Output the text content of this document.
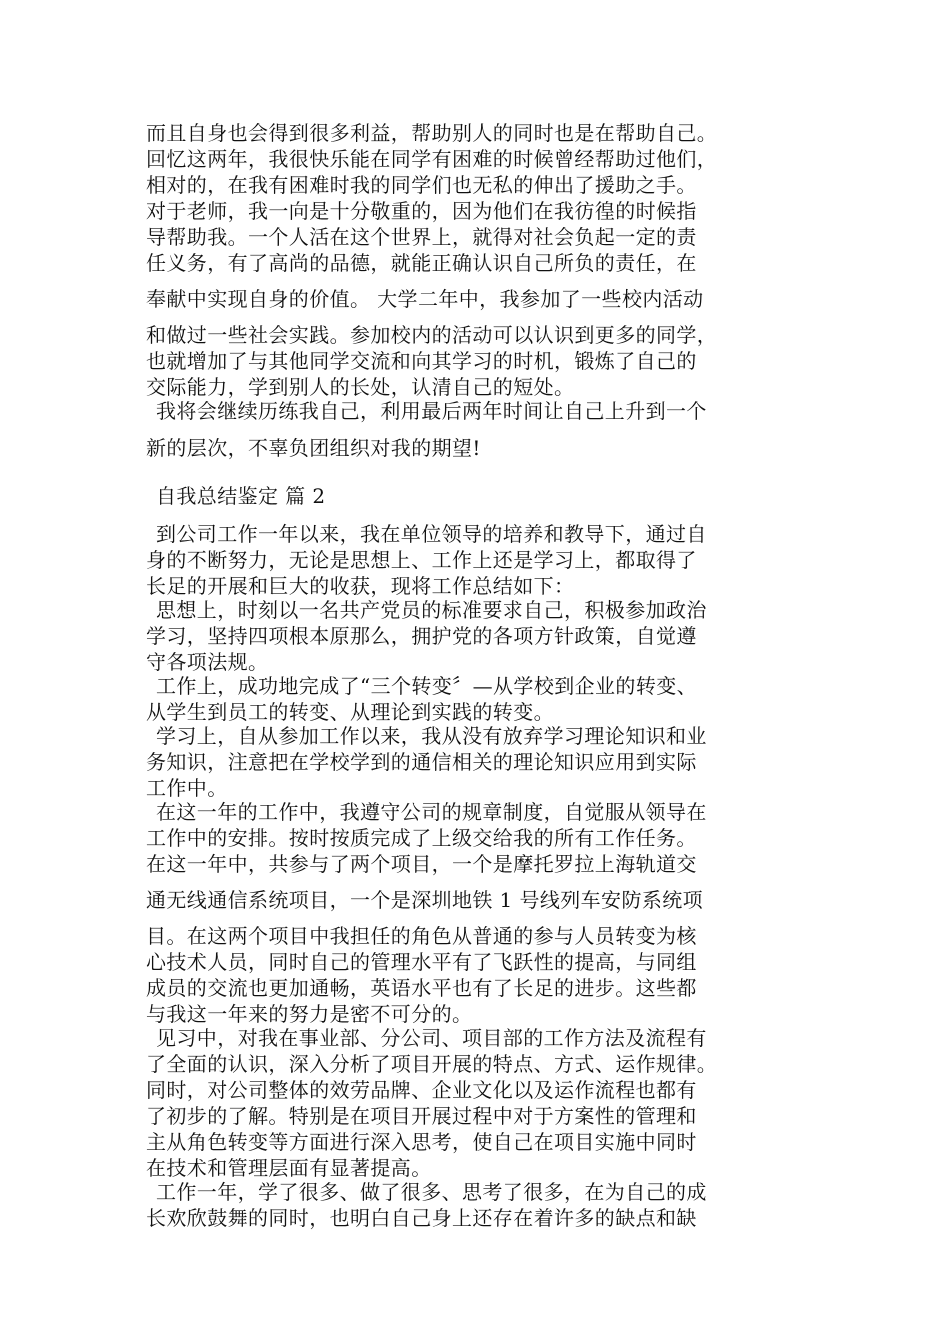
而且自身也会得到很多利益，帮助别人的同时也是在帮助自己。
回忆这两年，我很快乐能在同学有困难的时候曾经帮助过他们，
相对的，在我有困难时我的同学们也无私的伸出了援助之手。
对于老师，我一向是十分敬重的，因为他们在我彷徨的时候指
导帮助我。一个人活在这个世界上，就得对社会负起一定的责
任义务，有了高尚的品德，就能正确认识自己所负的责任，在
奉献中实现自身的价值。 大学二年中，我参加了一些校内活动
和做过一些社会实践。参加校内的活动可以认识到更多的同学，
也就增加了与其他同学交流和向其学习的时机，锻炼了自己的
交际能力，学到别人的长处，认清自己的短处。
我将会继续历练我自己，利用最后两年时间让自己上升到一个
新的层次，不辜负团组织对我的期望!
自我总结鉴定 篇 2
到公司工作一年以来，我在单位领导的培养和教导下，通过自
身的不断努力，无论是思想上、工作上还是学习上，都取得了
长足的开展和巨大的收获，现将工作总结如下：
思想上，时刻以一名共产党员的标准要求自己，积极参加政治
学习，坚持四项根本原那么，拥护党的各项方针政策，自觉遵
守各项法规。
工作上，成功地完成了“三个转变〞—从学校到企业的转变、
从学生到员工的转变、从理论到实践的转变。
学习上，自从参加工作以来，我从没有放弃学习理论知识和业
务知识，注意把在学校学到的通信相关的理论知识应用到实际
工作中。
在这一年的工作中，我遵守公司的规章制度，自觉服从领导在
工作中的安排。按时按质完成了上级交给我的所有工作任务。
在这一年中，共参与了两个项目，一个是摩托罗拉上海轨道交
通无线通信系统项目，一个是深圳地铁 1 号线列车安防系统项
目。在这两个项目中我担任的角色从普通的参与人员转变为核
心技术人员，同时自己的管理水平有了飞跃性的提高，与同组
成员的交流也更加通畅，英语水平也有了长足的进步。这些都
与我这一年来的努力是密不可分的。
见习中，对我在事业部、分公司、项目部的工作方法及流程有
了全面的认识，深入分析了项目开展的特点、方式、运作规律。
同时，对公司整体的效劳品牌、企业文化以及运作流程也都有
了初步的了解。特别是在项目开展过程中对于方案性的管理和
主从角色转变等方面进行深入思考，使自己在项目实施中同时
在技术和管理层面有显著提高。
工作一年，学了很多、做了很多、思考了很多，在为自己的成
长欢欣鼓舞的同时，也明白自己身上还存在着许多的缺点和缺
